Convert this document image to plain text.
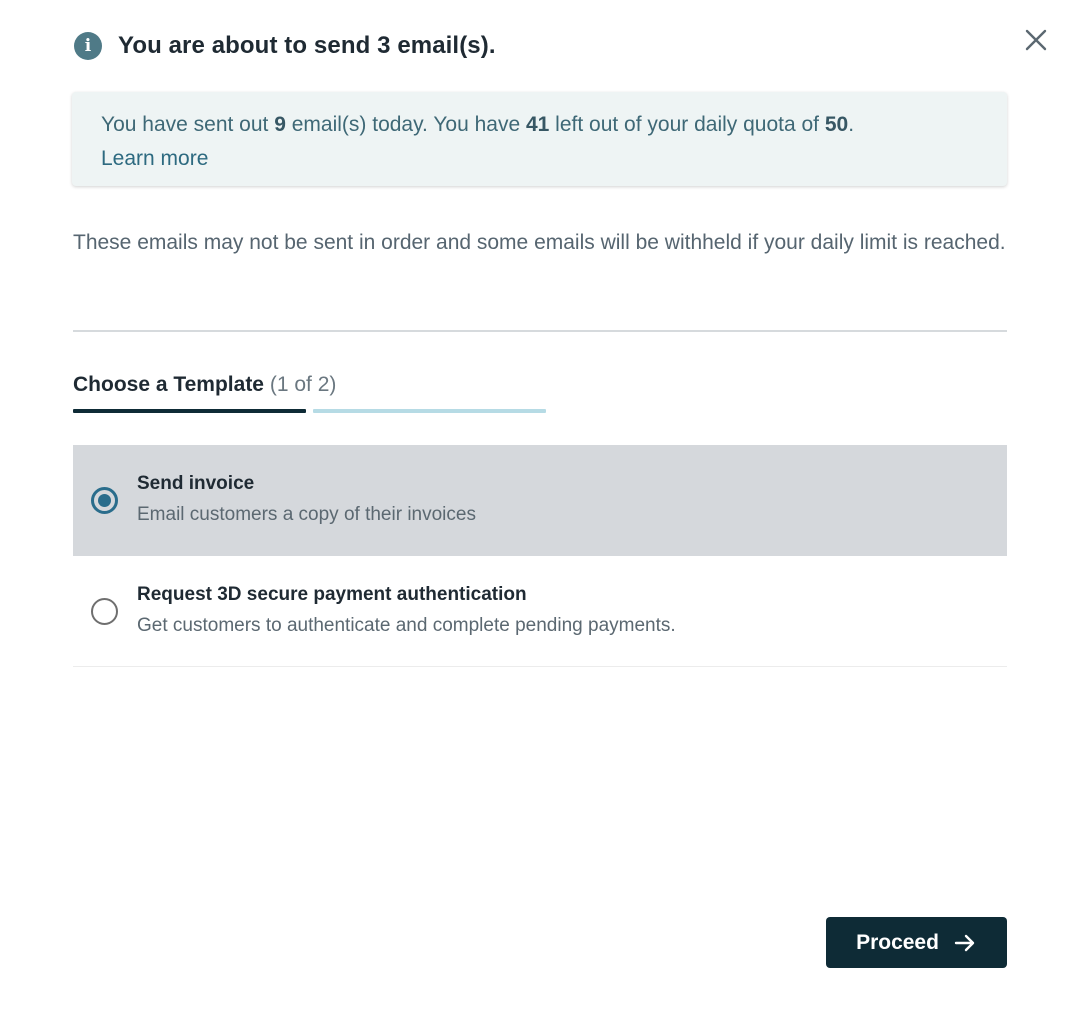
i	You are about to send 3 email(s).
You have sent out 9 email(s) today. You have 41 left out of your daily quota of 50.
Learn more

These emails may not be sent in order and some emails will be withheld if your daily limit is reached.

Choose a Template (1 of 2)
Send invoice
Email customers a copy of their invoices
Request 3D secure payment authentication
Get customers to authenticate and complete pending payments.
Proceed
